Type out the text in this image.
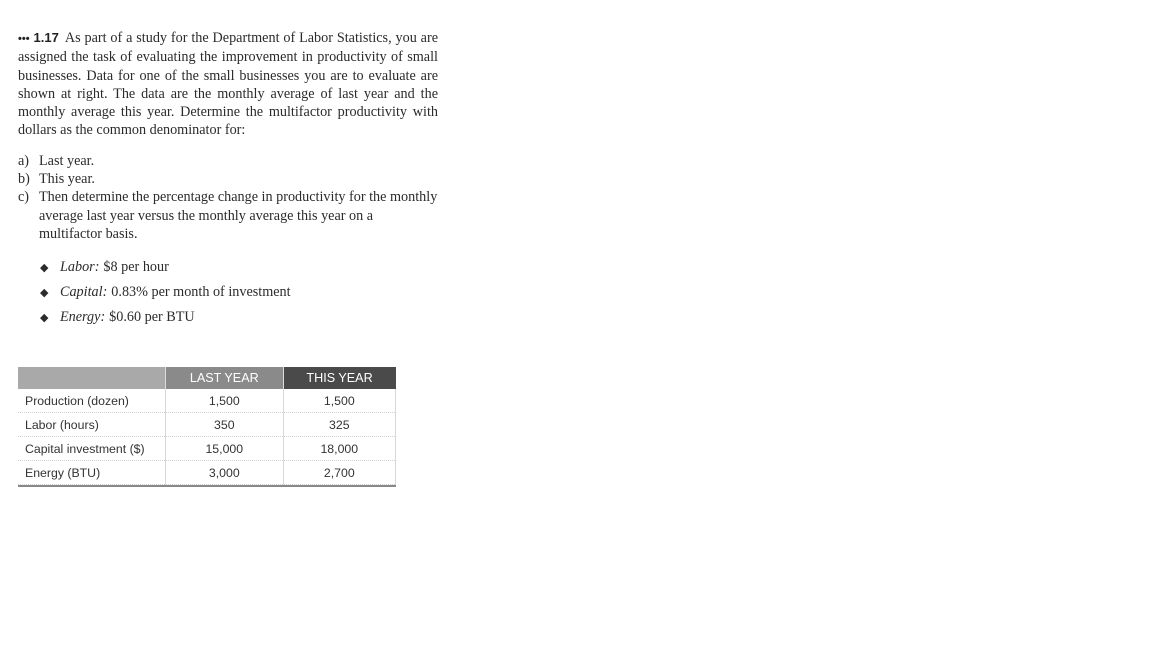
••• 1.17 As part of a study for the Department of Labor Statistics, you are assigned the task of evaluating the improvement in productivity of small businesses. Data for one of the small businesses you are to evaluate are shown at right. The data are the monthly average of last year and the monthly average this year. Determine the multifactor productivity with dollars as the common denominator for:

a) Last year.
b) This year.
c) Then determine the percentage change in productivity for the monthly average last year versus the monthly average this year on a multifactor basis.
◆ Labor: $8 per hour
◆ Capital: 0.83% per month of investment
◆ Energy: $0.60 per BTU
	LAST YEAR	THIS YEAR
Production (dozen)	1,500	1,500
Labor (hours)	350	325
Capital investment ($)	15,000	18,000
Energy (BTU)	3,000	2,700
